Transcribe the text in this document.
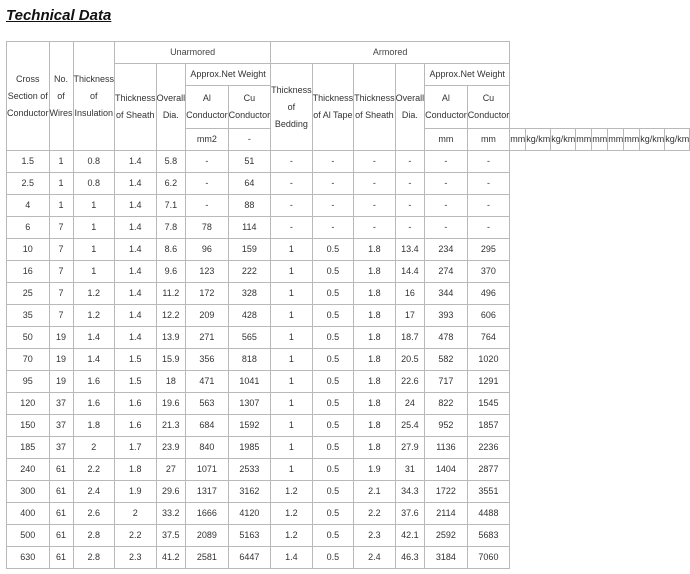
Technical Data
Cross Section of Conductor	No. of Wires	Thickness of Insulation	Unarmored				Armored														
			Thickness of Sheath	Overall Dia.	Approx.Net Weight		Thickness of Bedding	Thickness of Al Tape	Thickness of Sheath	Overall Dia.	Approx.Net Weight										
					Al Conductor	Cu Conductor					Al Conductor	Cu Conductor									
					mm2	-					mm	mm	mm	kg/km	kg/km	mm	mm	mm	mm	kg/km	kg/km
1.5	1	0.8	1.4	5.8	-	51	-	-	-	-	-	-									
2.5	1	0.8	1.4	6.2	-	64	-	-	-	-	-	-									
4	1	1	1.4	7.1	-	88	-	-	-	-	-	-									
6	7	1	1.4	7.8	78	114	-	-	-	-	-	-									
10	7	1	1.4	8.6	96	159	1	0.5	1.8	13.4	234	295									
16	7	1	1.4	9.6	123	222	1	0.5	1.8	14.4	274	370									
25	7	1.2	1.4	11.2	172	328	1	0.5	1.8	16	344	496									
35	7	1.2	1.4	12.2	209	428	1	0.5	1.8	17	393	606									
50	19	1.4	1.4	13.9	271	565	1	0.5	1.8	18.7	478	764									
70	19	1.4	1.5	15.9	356	818	1	0.5	1.8	20.5	582	1020									
95	19	1.6	1.5	18	471	1041	1	0.5	1.8	22.6	717	1291									
120	37	1.6	1.6	19.6	563	1307	1	0.5	1.8	24	822	1545									
150	37	1.8	1.6	21.3	684	1592	1	0.5	1.8	25.4	952	1857									
185	37	2	1.7	23.9	840	1985	1	0.5	1.8	27.9	1136	2236									
240	61	2.2	1.8	27	1071	2533	1	0.5	1.9	31	1404	2877									
300	61	2.4	1.9	29.6	1317	3162	1.2	0.5	2.1	34.3	1722	3551									
400	61	2.6	2	33.2	1666	4120	1.2	0.5	2.2	37.6	2114	4488									
500	61	2.8	2.2	37.5	2089	5163	1.2	0.5	2.3	42.1	2592	5683									
630	61	2.8	2.3	41.2	2581	6447	1.4	0.5	2.4	46.3	3184	7060									
